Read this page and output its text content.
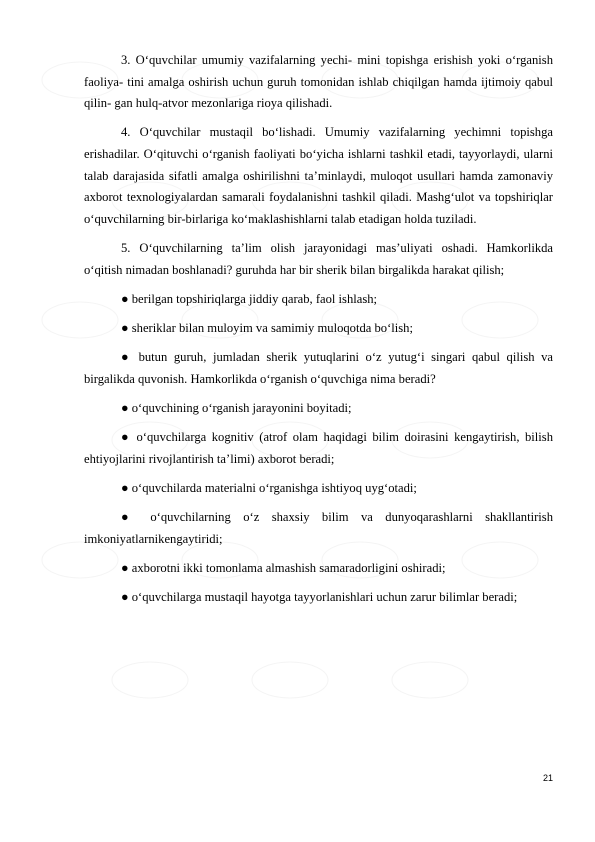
3. O‘quvchilar umumiy vazifalarning yechi- mini topishga erishish yoki o‘rganish faoliya- tini amalga oshirish uchun guruh tomonidan ishlab chiqilgan hamda ijtimoiy qabul qilin- gan hulq-atvor mezonlariga rioya qilishadi.

4. O‘quvchilar mustaqil bo‘lishadi. Umumiy vazifalarning yechimni topishga erishadilar. O‘qituvchi o‘rganish faoliyati bo‘yicha ishlarni tashkil etadi, tayyorlaydi, ularni talab darajasida sifatli amalga oshirilishni ta’minlaydi, muloqot usullari hamda zamonaviy axborot texnologiyalardan samarali foydalanishni tashkil qiladi. Mashg‘ulot va topshiriqlar o‘quvchilarning bir-birlariga ko‘maklashishlarni talab etadigan holda tuziladi.

5. O‘quvchilarning ta’lim olish jarayonidagi mas’uliyati oshadi. Hamkorlikda o‘qitish nimadan boshlanadi? guruhda har bir sherik bilan birgalikda harakat qilish;

● berilgan topshiriqlarga jiddiy qarab, faol ishlash;

● sheriklar bilan muloyim va samimiy muloqotda bo‘lish;

● butun guruh, jumladan sherik yutuqlarini o‘z yutug‘i singari qabul qilish va birgalikda quvonish. Hamkorlikda o‘rganish o‘quvchiga nima beradi?

● o‘quvchining o‘rganish jarayonini boyitadi;

● o‘quvchilarga kognitiv (atrof olam haqidagi bilim doirasini kengaytirish, bilish ehtiyojlarini rivojlantirish ta’limi) axborot beradi;

● o‘quvchilarda materialni o‘rganishga ishtiyoq uyg‘otadi;

● o‘quvchilarning o‘z shaxsiy bilim va dunyoqarashlarni shakllantirish imkoniyatlarnikengaytiridi;

● axborotni ikki tomonlama almashish samaradorligini oshiradi;

● o‘quvchilarga mustaqil hayotga tayyorlanishlari uchun zarur bilimlar beradi;

21
